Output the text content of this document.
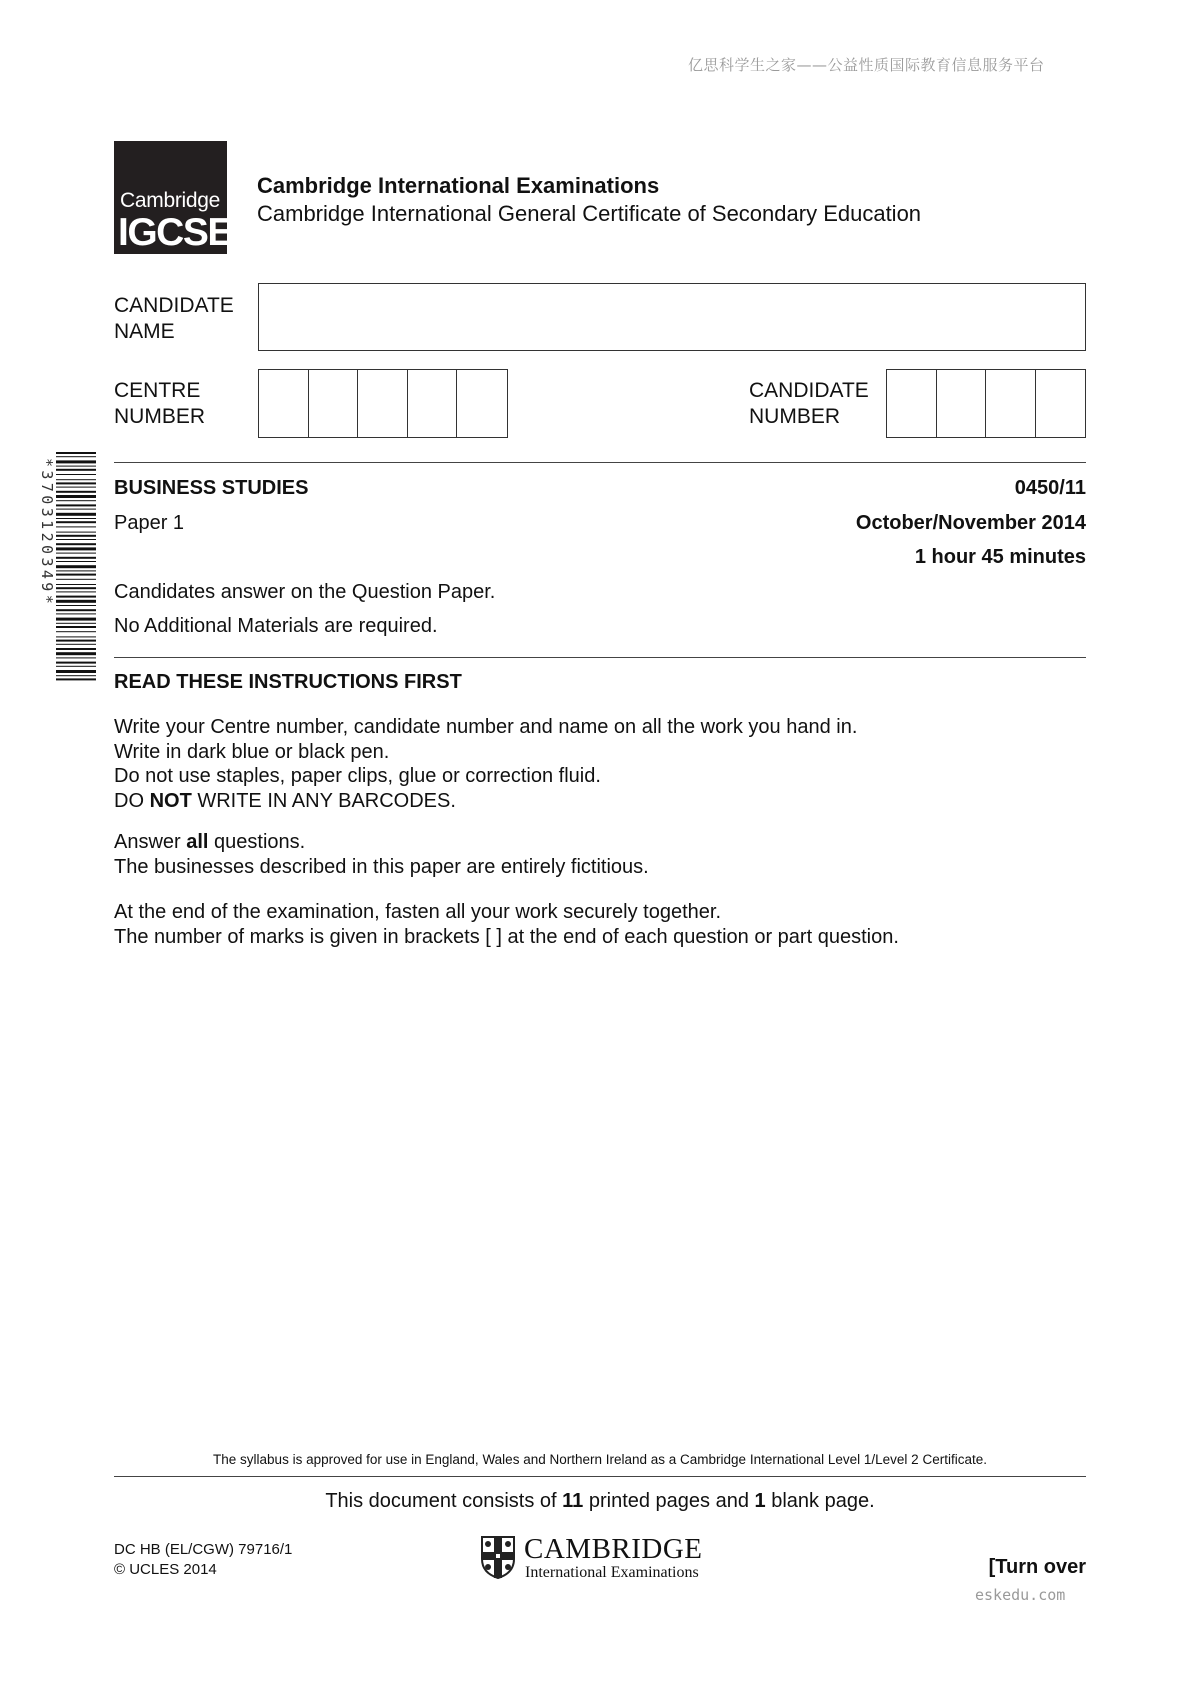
亿思科学生之家——公益性质国际教育信息服务平台
Cambridge
IGCSE
Cambridge International Examinations
Cambridge International General Certificate of Secondary Education
CANDIDATE
NAME
CENTRE
NUMBER
CANDIDATE
NUMBER
*3703120349*	BUSINESS STUDIES	0450/11
Paper 1	October/November 2014
1 hour 45 minutes
Candidates answer on the Question Paper.
No Additional Materials are required.
READ THESE INSTRUCTIONS FIRST
Write your Centre number, candidate number and name on all the work you hand in.
Write in dark blue or black pen.
Do not use staples, paper clips, glue or correction fluid.
DO NOT WRITE IN ANY BARCODES.
Answer all questions.
The businesses described in this paper are entirely fictitious.
At the end of the examination, fasten all your work securely together.
The number of marks is given in brackets [ ] at the end of each question or part question.
The syllabus is approved for use in England, Wales and Northern Ireland as a Cambridge International Level 1/Level 2 Certificate.
This document consists of 11 printed pages and 1 blank page.
DC HB (EL/CGW) 79716/1
© UCLES 2014
CAMBRIDGE
International Examinations	[Turn over
eskedu.com
